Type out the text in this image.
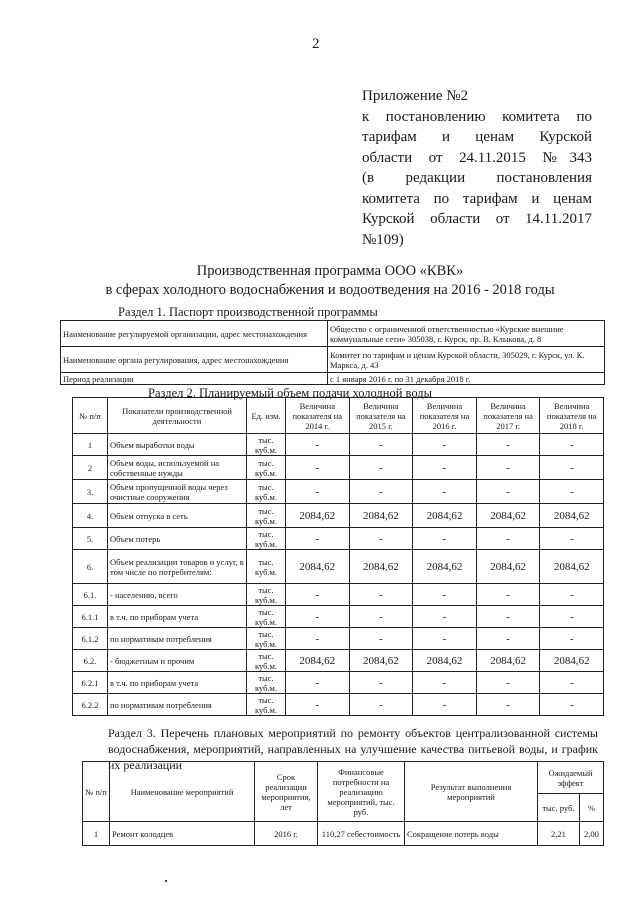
2
Приложение №2
к постановлению комитета по
тарифам и ценам Курской
области от 24.11.2015 №343
(в редакции постановления
комитета по тарифам и ценам
Курской области от 14.11.2017
№109)
Производственная программа ООО «КВК»
в сферах холодного водоснабжения и водоотведения на 2016 - 2018 годы
Раздел 1. Паспорт производственной программы
Наименование регулируемой организации, адрес местонахождения	Общество с ограниченной ответственностью «Курские внешние коммунальные сети» 305038, г. Курск, пр. В. Клыкова, д. 8
Наименование органа регулирования, адрес местонахождения	Комитет по тарифам и ценам Курской области, 305029, г. Курск, ул. К. Маркса, д. 43
Период реализации	с 1 января 2016 г. по 31 декабря 2018 г.
Раздел 2. Планируемый объем подачи холодной воды
№ п/п	Показатели производственной деятельности	Ед. изм.	Величина показателя на 2014 г.	Величина показателя на 2015 г.	Величина показателя на 2016 г.	Величина показателя на 2017 г.	Величина показателя на 2018 г.
1	Объем выработки воды	тыс. куб.м.	-	-	-	-	-
2	Объем воды, используемой на собственные нужды	тыс. куб.м.	-	-	-	-	-
3.	Объем пропущенной воды через очистные сооружения	тыс. куб.м.	-	-	-	-	-
4.	Объем отпуска в сеть	тыс. куб.м.	2084,62	2084,62	2084,62	2084,62	2084,62
5.	Объем потерь	тыс. куб.м.	-	-	-	-	-
6.	Объем реализации товаров и услуг, в том числе по потребителям:	тыс. куб.м.	2084,62	2084,62	2084,62	2084,62	2084,62
6.1.	- населению, всего	тыс. куб.м.	-	-	-	-	-
6.1.1	в т.ч. по приборам учета	тыс. куб.м.	-	-	-	-	-
6.1.2	по нормативам потребления	тыс. куб.м.	-	-	-	-	-
6.2.	- бюджетным и прочим	тыс. куб.м.	2084,62	2084,62	2084,62	2084,62	2084,62
6.2.1	в т.ч. по приборам учета	тыс. куб.м.	-	-	-	-	-
6.2.2	по нормативам потребления	тыс. куб.м.	-	-	-	-	-
Раздел 3. Перечень плановых мероприятий по ремонту объектов централизованной системы водоснабжения, мероприятий, направленных на улучшение качества питьевой воды, и график их реализации
№ п/п	Наименование мероприятий	Срок реализации мероприятия, лет	Финансовые потребности на реализацию мероприятий, тыс. руб.	Результат выполнения мероприятий	Ожидаемый эффект	
					тыс. руб.	%
1	Ремонт колодцев	2016 г.	110,27 себестоимость	Сокращение потерь воды	2,21	2,00
